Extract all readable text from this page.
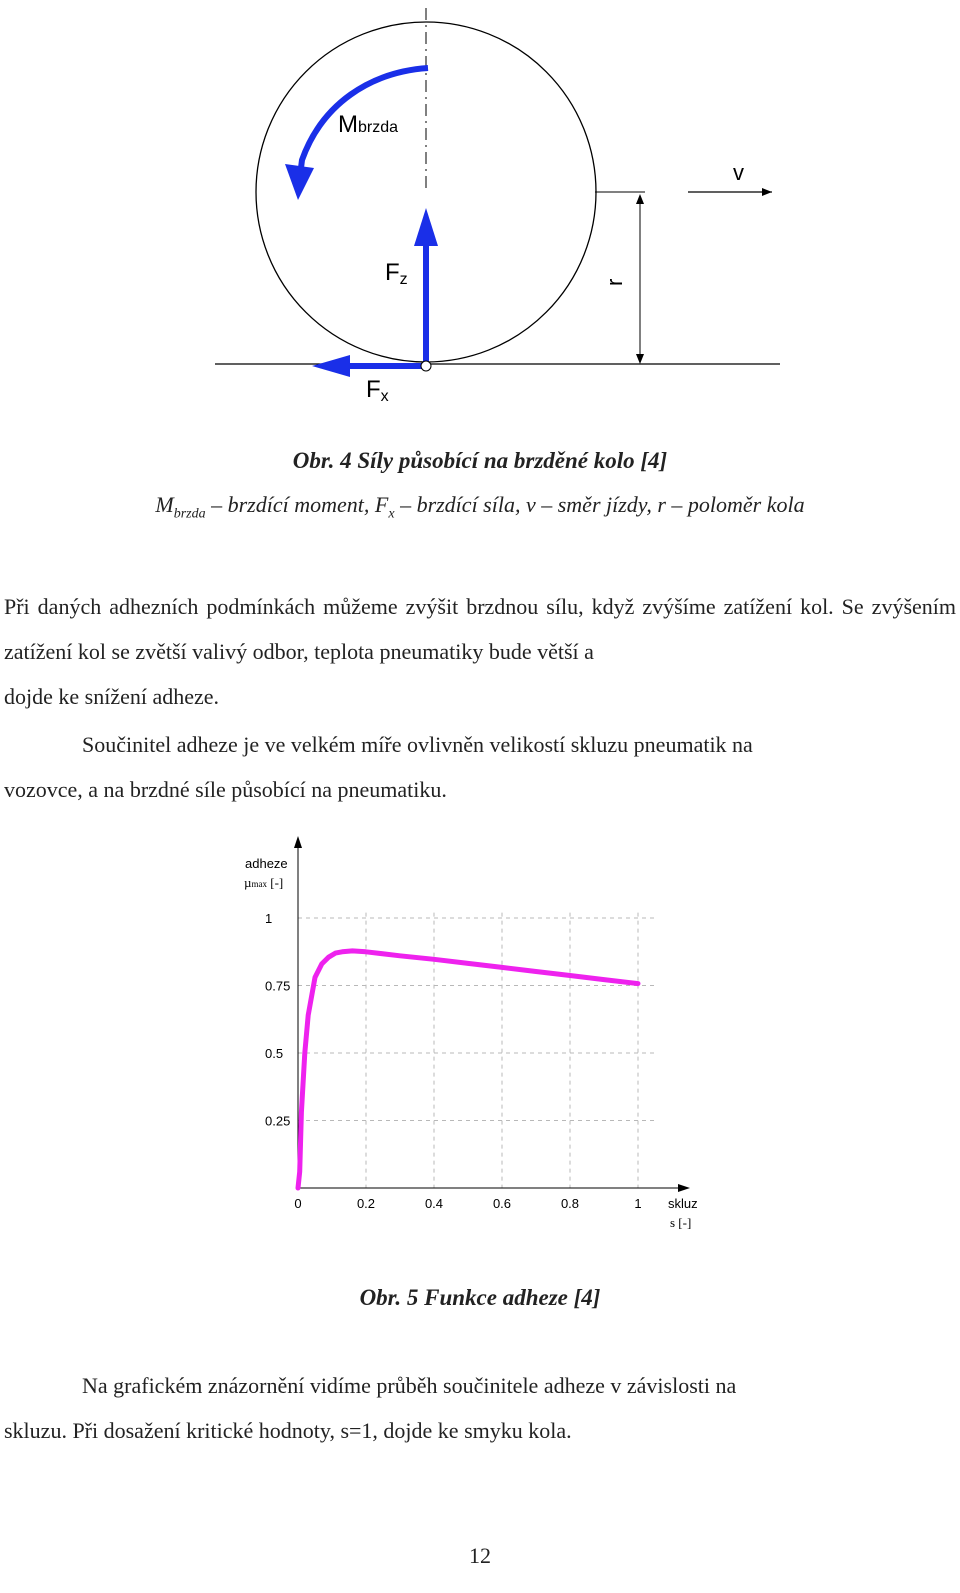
Mbrzda
Fz
Fx
v
r
Obr. 4 Síly působící na brzděné kolo [4]
$M_{brzda}$ – brzdící moment, $F_x$ – brzdící síla, v – směr jízdy, r – poloměr kola
Při daných adhezních podmínkách můžeme zvýšit brzdnou sílu, když zvýšíme zatížení kol. Se zvýšením zatížení kol se zvětší valivý odbor, teplota pneumatiky bude větší a
dojde ke snížení adheze.
Součinitel adheze je ve velkém míře ovlivněn velikostí skluzu pneumatik na
vozovce, a na brzdné síle působící na pneumatiku.
adheze
µmax [-]
skluz
s [-]
0	0.2	0.4	0.6	0.8	1
1
0.75
0.5
0.25
Obr. 5 Funkce adheze [4]
Na grafickém znázornění vidíme průběh součinitele adheze v závislosti na
skluzu. Při dosažení kritické hodnoty, s=1, dojde ke smyku kola.
12
